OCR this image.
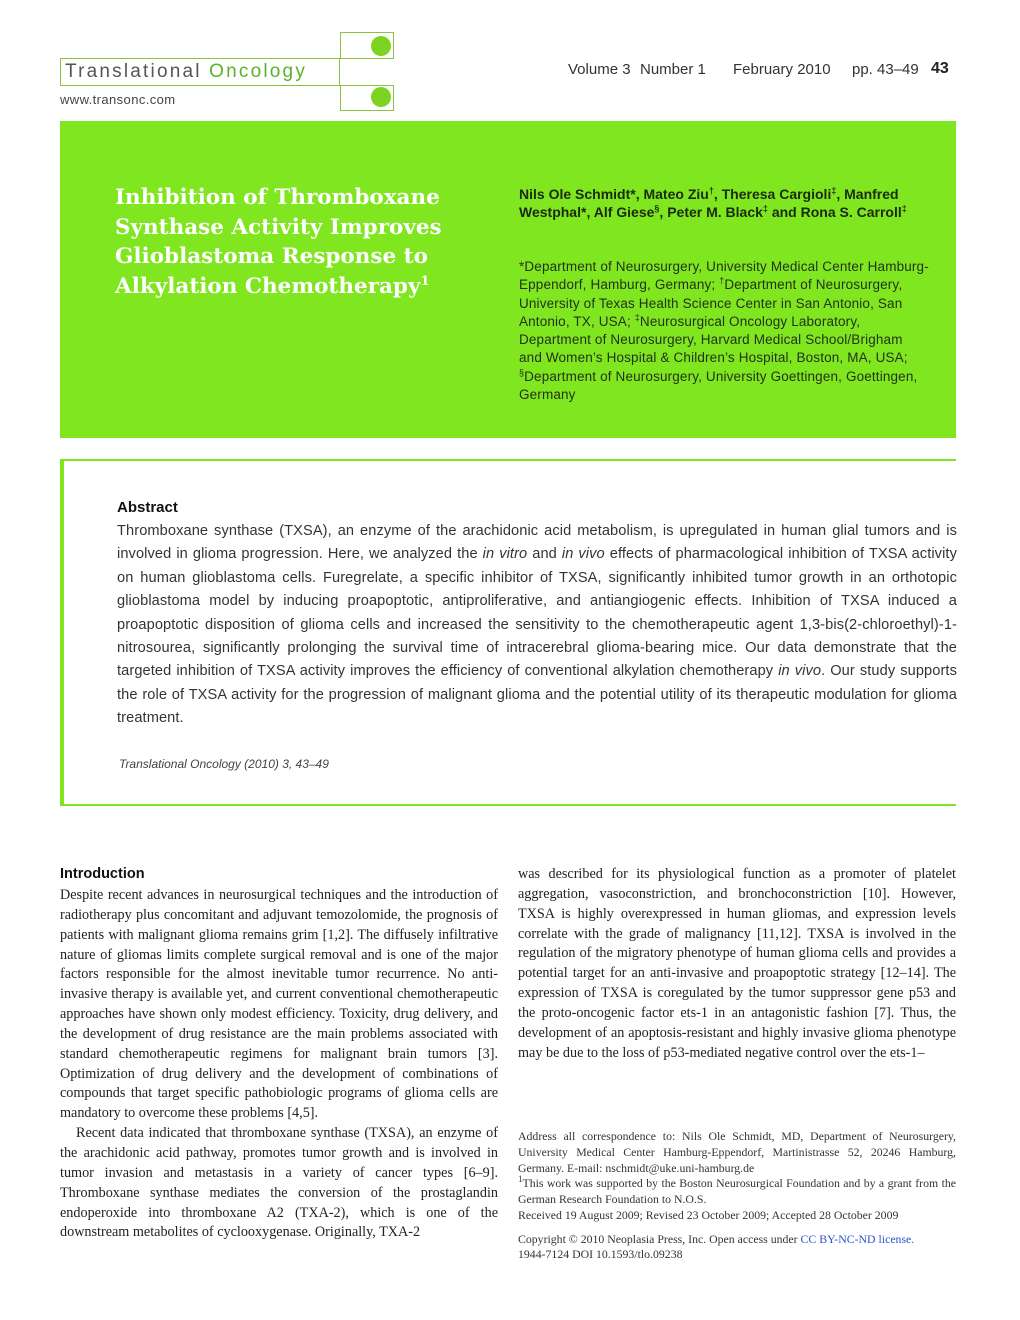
Translational Oncology
www.transonc.com
Volume 3 Number 1 February 2010 pp. 43–49 43
Inhibition of Thromboxane Synthase Activity Improves Glioblastoma Response to Alkylation Chemotherapy$^1$
Nils Ole Schmidt*, Mateo Ziu†, Theresa Cargioli‡, Manfred Westphal*, Alf Giese§, Peter M. Black‡ and Rona S. Carroll‡
*Department of Neurosurgery, University Medical Center Hamburg-Eppendorf, Hamburg, Germany; †Department of Neurosurgery, University of Texas Health Science Center in San Antonio, San Antonio, TX, USA; ‡Neurosurgical Oncology Laboratory, Department of Neurosurgery, Harvard Medical School/Brigham and Women’s Hospital & Children’s Hospital, Boston, MA, USA; §Department of Neurosurgery, University Goettingen, Goettingen, Germany
Abstract
Thromboxane synthase (TXSA), an enzyme of the arachidonic acid metabolism, is upregulated in human glial tumors and is involved in glioma progression. Here, we analyzed the in vitro and in vivo effects of pharmacological inhibition of TXSA activity on human glioblastoma cells. Furegrelate, a specific inhibitor of TXSA, significantly inhibited tumor growth in an orthotopic glioblastoma model by inducing proapoptotic, antiproliferative, and antiangiogenic effects. Inhibition of TXSA induced a proapoptotic disposition of glioma cells and increased the sensitivity to the chemotherapeutic agent 1,3-bis(2-chloroethyl)-1-nitrosourea, significantly prolonging the survival time of intracerebral glioma-bearing mice. Our data demonstrate that the targeted inhibition of TXSA activity improves the efficiency of conventional alkylation chemotherapy in vivo. Our study supports the role of TXSA activity for the progression of malignant glioma and the potential utility of its therapeutic modulation for glioma treatment.
Translational Oncology (2010) 3, 43–49
Introduction

Despite recent advances in neurosurgical techniques and the introduction of radiotherapy plus concomitant and adjuvant temozolomide, the prognosis of patients with malignant glioma remains grim [1,2]. The diffusely infiltrative nature of gliomas limits complete surgical removal and is one of the major factors responsible for the almost inevitable tumor recurrence. No anti-invasive therapy is available yet, and current conventional chemotherapeutic approaches have shown only modest efficiency. Toxicity, drug delivery, and the development of drug resistance are the main problems associated with standard chemotherapeutic regimens for malignant brain tumors [3]. Optimization of drug delivery and the development of combinations of compounds that target specific pathobiologic programs of glioma cells are mandatory to overcome these problems [4,5].

Recent data indicated that thromboxane synthase (TXSA), an enzyme of the arachidonic acid pathway, promotes tumor growth and is involved in tumor invasion and metastasis in a variety of cancer types [6–9]. Thromboxane synthase mediates the conversion of the prostaglandin endoperoxide into thromboxane A2 (TXA-2), which is one of the downstream metabolites of cyclooxygenase. Originally, TXA-2

was described for its physiological function as a promoter of platelet aggregation, vasoconstriction, and bronchoconstriction [10]. However, TXSA is highly overexpressed in human gliomas, and expression levels correlate with the grade of malignancy [11,12]. TXSA is involved in the regulation of the migratory phenotype of human glioma cells and provides a potential target for an anti-invasive and proapoptotic strategy [12–14]. The expression of TXSA is coregulated by the tumor suppressor gene p53 and the proto-oncogenic factor ets-1 in an antagonistic fashion [7]. Thus, the development of an apoptosis-resistant and highly invasive glioma phenotype may be due to the loss of p53-mediated negative control over the ets-1–

Address all correspondence to: Nils Ole Schmidt, MD, Department of Neurosurgery, University Medical Center Hamburg-Eppendorf, Martinistrasse 52, 20246 Hamburg, Germany. E-mail: nschmidt@uke.uni-hamburg.de

$^1$This work was supported by the Boston Neurosurgical Foundation and by a grant from the German Research Foundation to N.O.S.

Received 19 August 2009; Revised 23 October 2009; Accepted 28 October 2009

Copyright © 2010 Neoplasia Press, Inc. Open access under CC BY-NC-ND license.

1944-7124 DOI 10.1593/tlo.09238
